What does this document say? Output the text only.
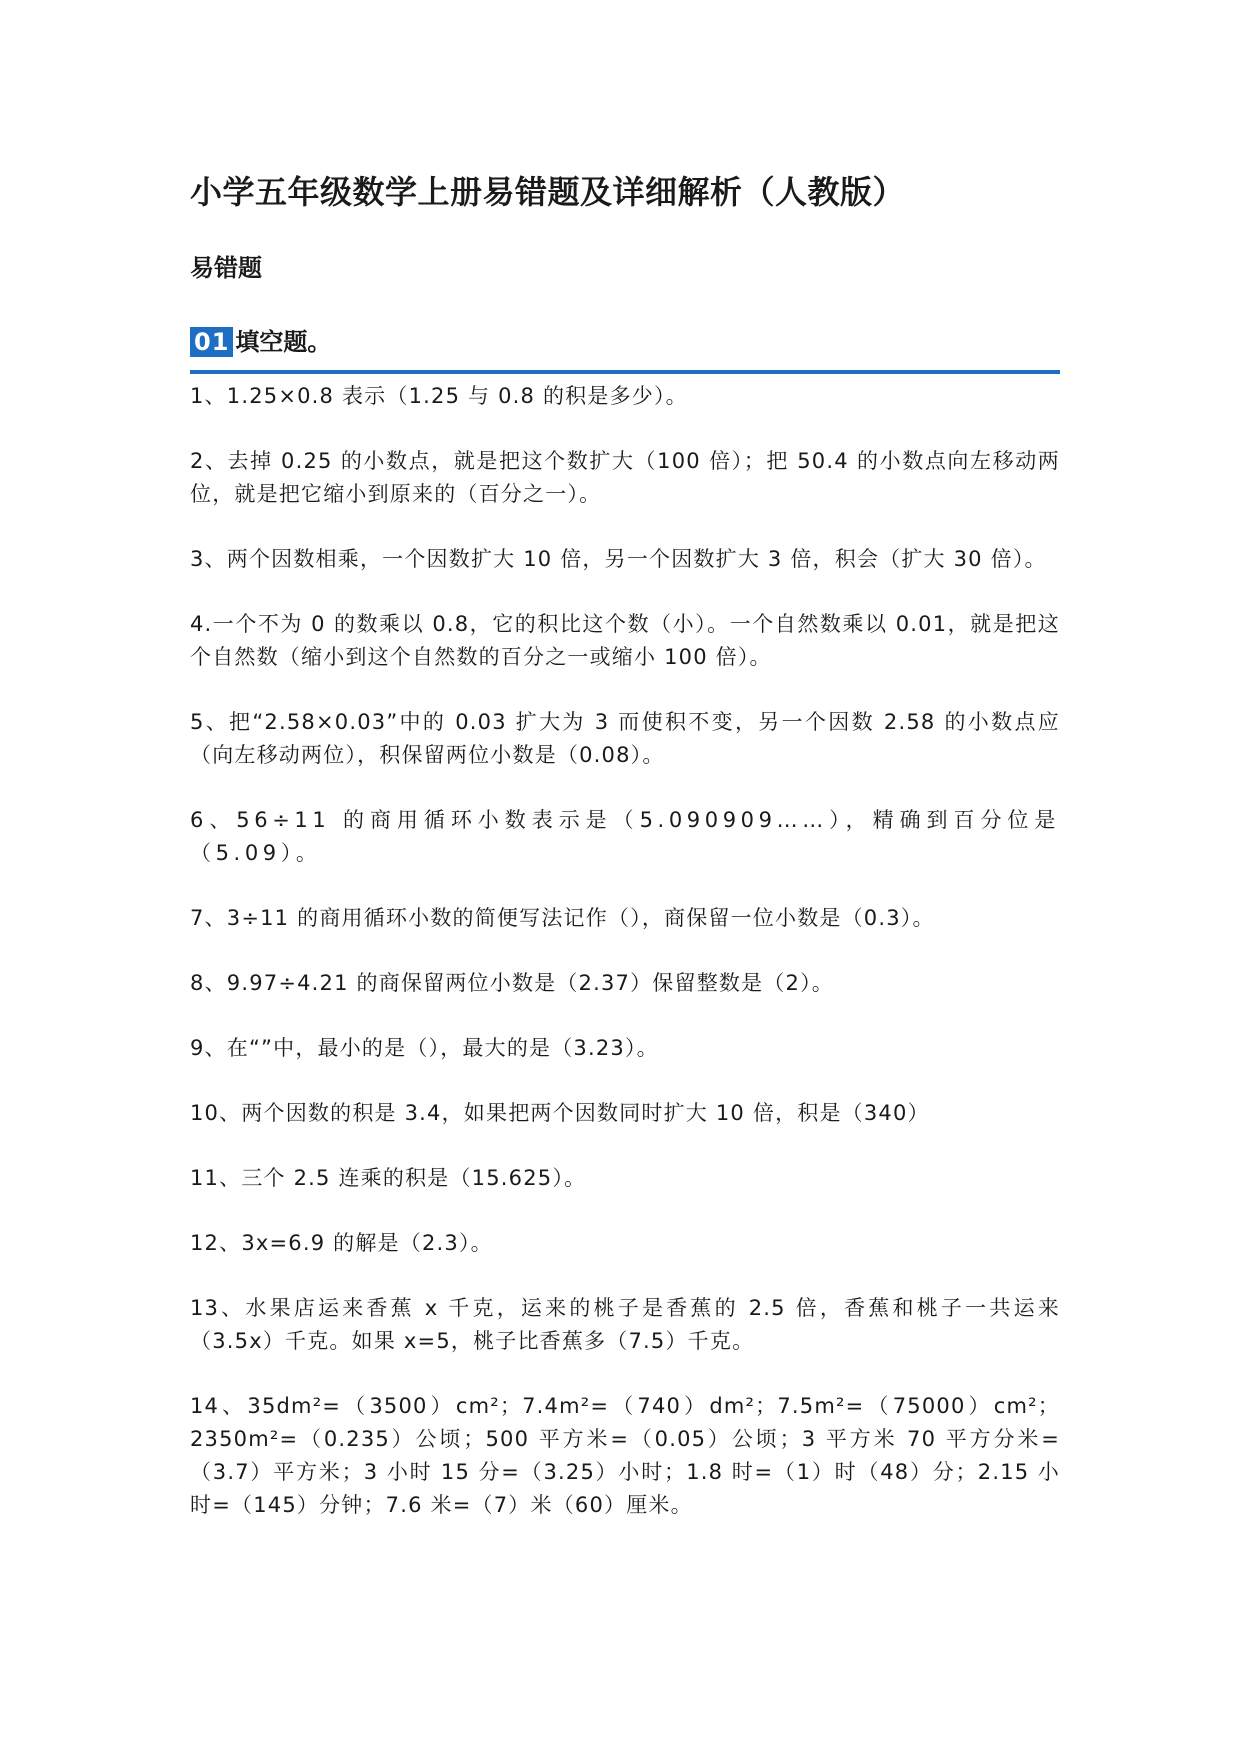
小学五年级数学上册易错题及详细解析（人教版）
易错题
01 填空题。

1、1.25×0.8 表示（1.25 与 0.8 的积是多少）。

2、去掉 0.25 的小数点，就是把这个数扩大（100 倍）；把 50.4 的小数点向左移动两位，就是把它缩小到原来的（百分之一）。

3、两个因数相乘，一个因数扩大 10 倍，另一个因数扩大 3 倍，积会（扩大 30 倍）。

4.一个不为 0 的数乘以 0.8，它的积比这个数（小）。一个自然数乘以 0.01，就是把这个自然数（缩小到这个自然数的百分之一或缩小 100 倍）。

5、把“2.58×0.03”中的 0.03 扩大为 3 而使积不变，另一个因数 2.58 的小数点应（向左移动两位），积保留两位小数是（0.08）。

6、56÷11 的商用循环小数表示是（5.090909……），精确到百分位是（5.09）。

7、3÷11 的商用循环小数的简便写法记作（），商保留一位小数是（0.3）。

8、9.97÷4.21 的商保留两位小数是（2.37）保留整数是（2）。

9、在“”中，最小的是（），最大的是（3.23）。

10、两个因数的积是 3.4，如果把两个因数同时扩大 10 倍，积是（340）

11、三个 2.5 连乘的积是（15.625）。

12、3x=6.9 的解是（2.3）。

13、水果店运来香蕉 x 千克，运来的桃子是香蕉的 2.5 倍，香蕉和桃子一共运来（3.5x）千克。如果 x=5，桃子比香蕉多（7.5）千克。

14、35dm²=（3500）cm²；7.4m²=（740）dm²；7.5m²=（75000）cm²；2350m²=（0.235）公顷；500 平方米=（0.05）公顷；3 平方米 70 平方分米=（3.7）平方米；3 小时 15 分=（3.25）小时；1.8 时=（1）时（48）分；2.15 小时=（145）分钟；7.6 米=（7）米（60）厘米。
